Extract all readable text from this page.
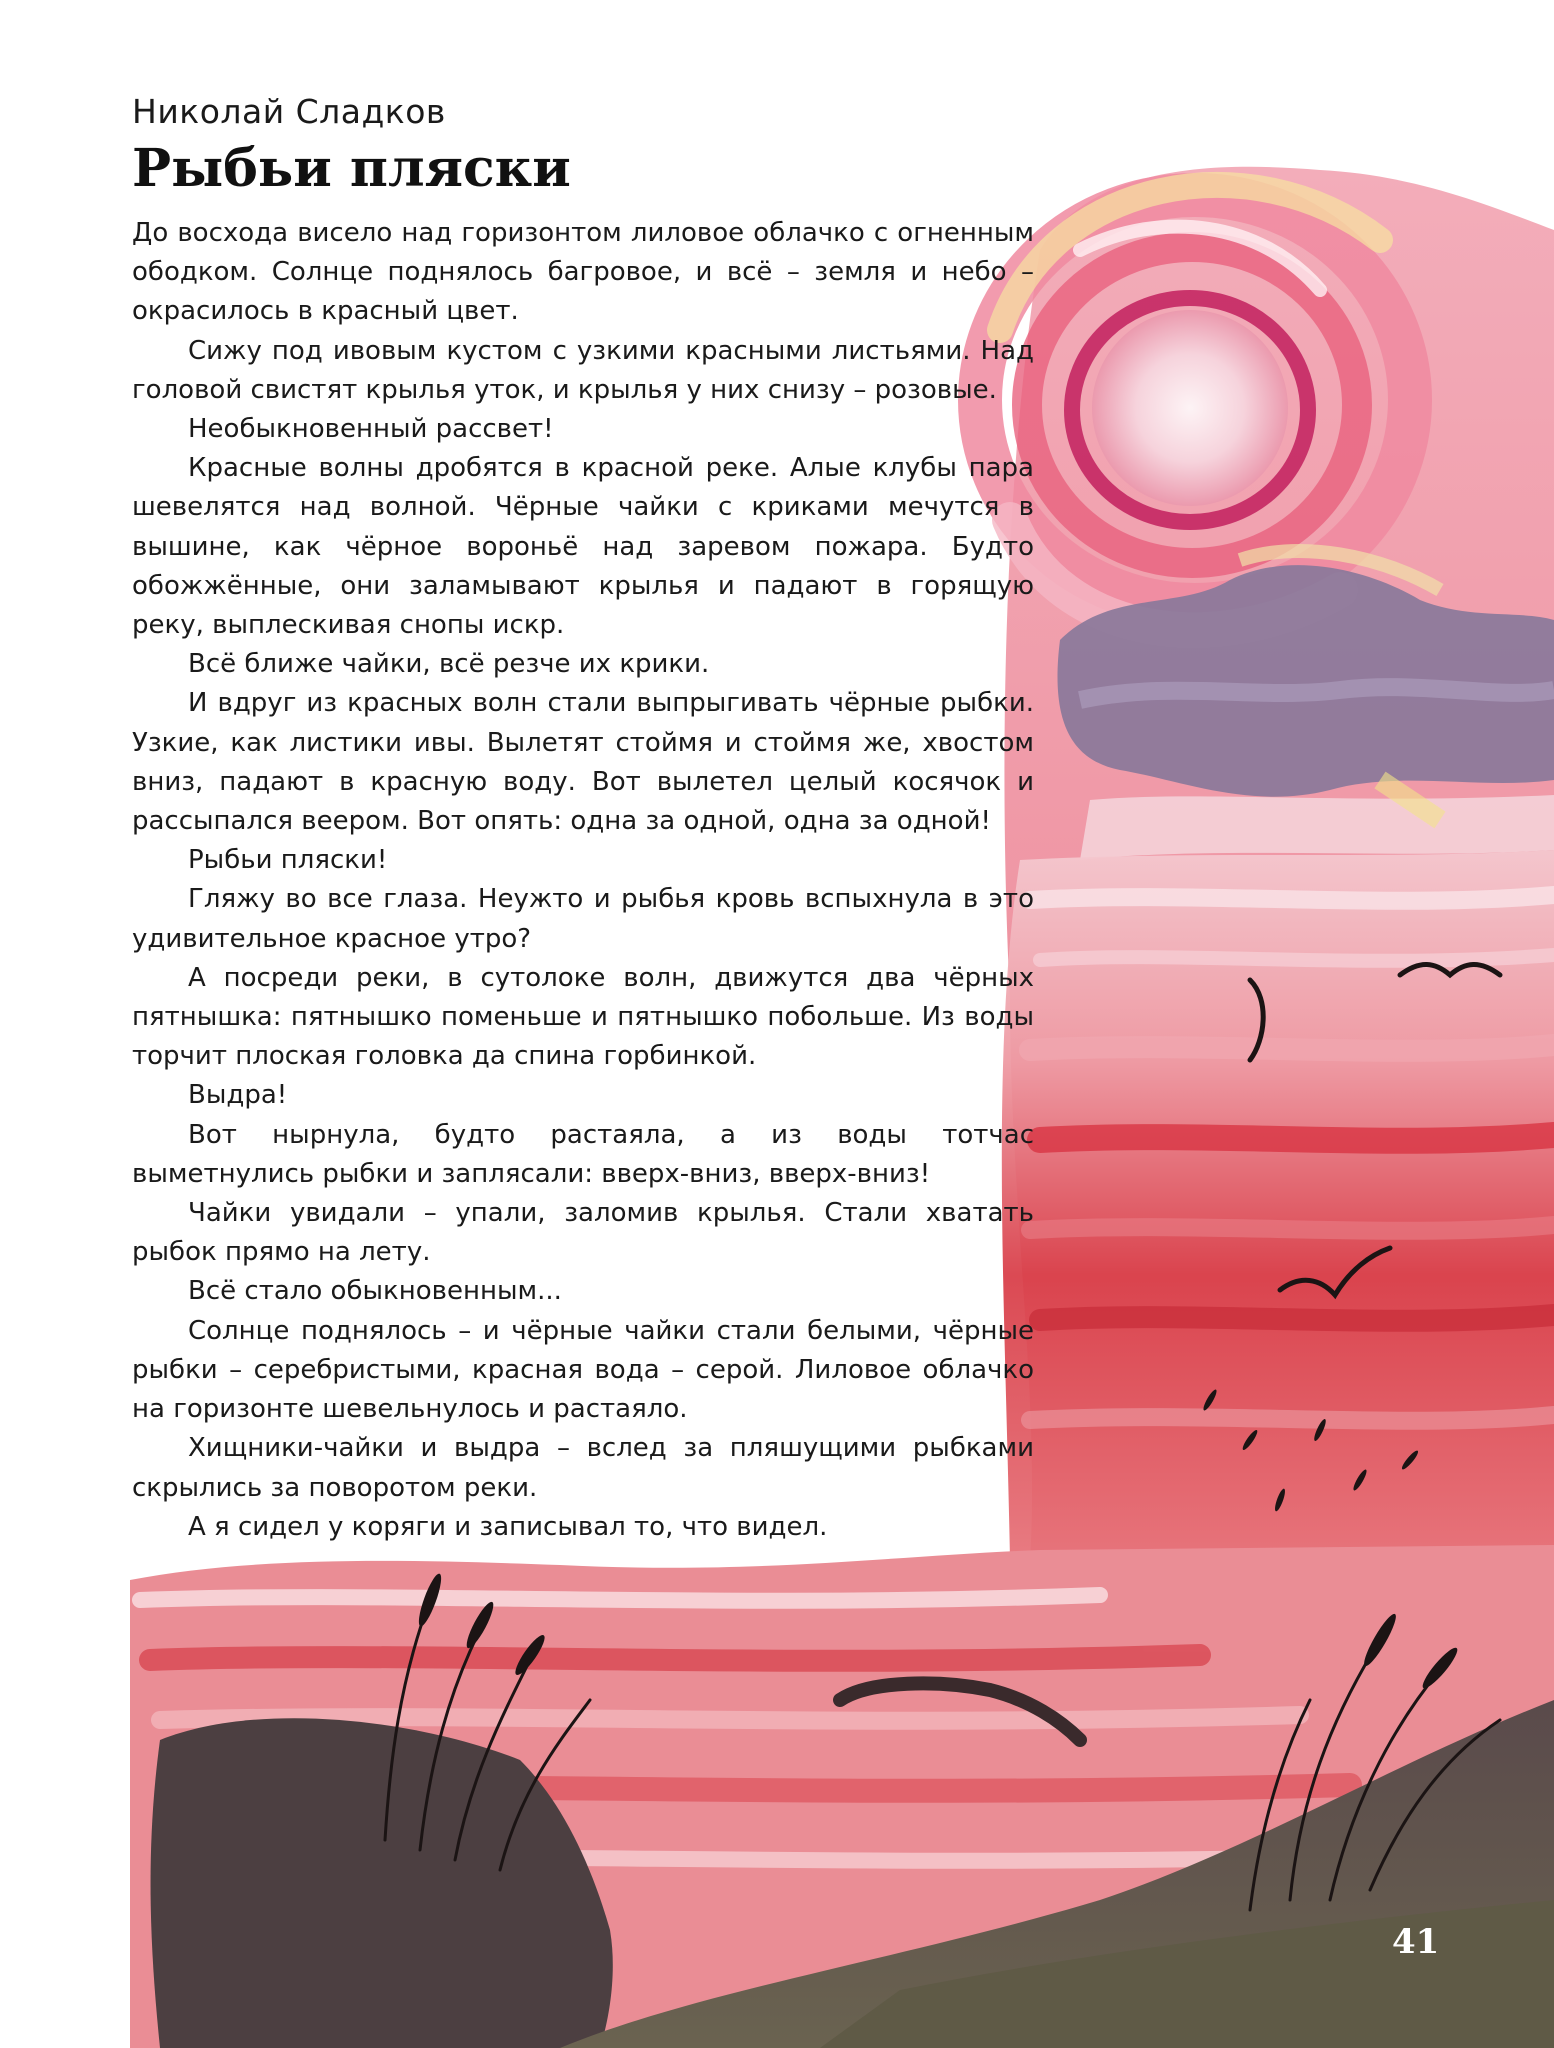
Николай Сладков
Рыбьи пляски

До восхода висело над горизонтом лиловое облачко с огненным ободком. Солнце поднялось багровое, и всё – земля и небо – окрасилось в красный цвет.

Сижу под ивовым кустом с узкими красными листьями. Над головой свистят крылья уток, и крылья у них снизу – розовые.

Необыкновенный рассвет!

Красные волны дробятся в красной реке. Алые клубы пара шевелятся над волной. Чёрные чайки с криками мечутся в вышине, как чёрное вороньё над заревом пожара. Будто обожжённые, они заламывают крылья и падают в горящую реку, выплескивая снопы искр.

Всё ближе чайки, всё резче их крики.

И вдруг из красных волн стали выпрыгивать чёрные рыбки. Узкие, как листики ивы. Вылетят стоймя и стоймя же, хвостом вниз, падают в красную воду. Вот вылетел целый косячок и рассыпался веером. Вот опять: одна за одной, одна за одной!

Рыбьи пляски!

Гляжу во все глаза. Неужто и рыбья кровь вспыхнула в это удивительное красное утро?

А посреди реки, в сутолоке волн, движутся два чёрных пятнышка: пятнышко поменьше и пятнышко побольше. Из воды торчит плоская головка да спина горбинкой.

Выдра!

Вот нырнула, будто растаяла, а из воды тотчас выметнулись рыбки и заплясали: вверх-вниз, вверх-вниз!

Чайки увидали – упали, заломив крылья. Стали хватать рыбок прямо на лету.

Всё стало обыкновенным...

Солнце поднялось – и чёрные чайки стали белыми, чёрные рыбки – серебристыми, красная вода – серой. Лиловое облачко на горизонте шевельнулось и растаяло.

Хищники-чайки и выдра – вслед за пляшущими рыбками скрылись за поворотом реки.

А я сидел у коряги и записывал то, что видел.

41
